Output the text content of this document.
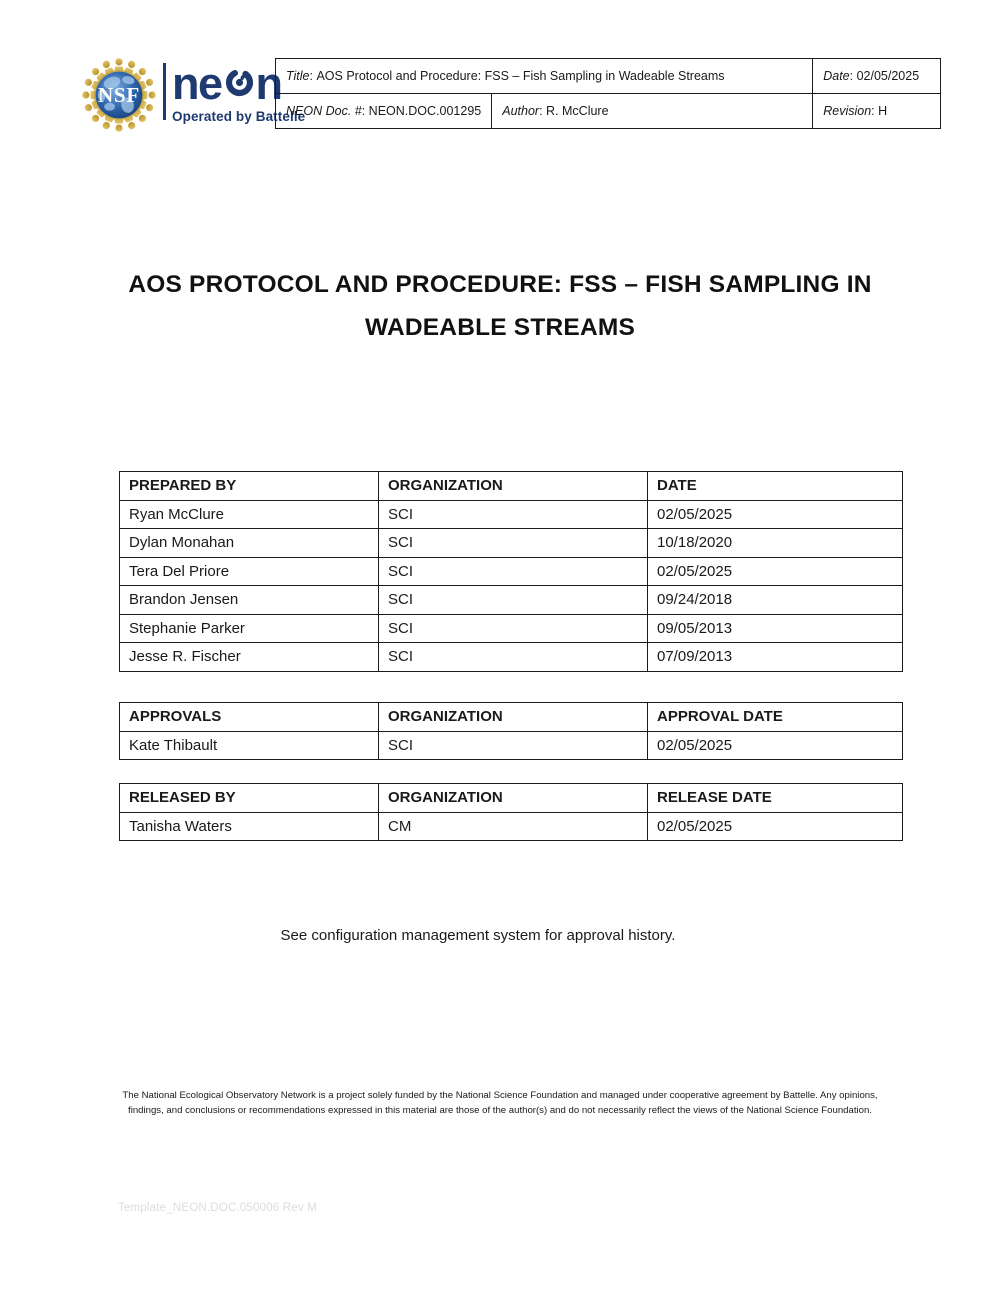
NSF ne n
Operated by Battelle
Title : AOS Protocol and Procedure: FSS – Fish Sampling in Wadeable Streams		Date : 02/05/2025
NEON Doc. # : NEON.DOC.001295	Author : R. McClure	Revision : H
AOS PROTOCOL AND PROCEDURE: FSS – FISH SAMPLING IN WADEABLE STREAMS
PREPARED BY	ORGANIZATION	DATE
Ryan McClure	SCI	02/05/2025
Dylan Monahan	SCI	10/18/2020
Tera Del Priore	SCI	02/05/2025
Brandon Jensen	SCI	09/24/2018
Stephanie Parker	SCI	09/05/2013
Jesse R. Fischer	SCI	07/09/2013
APPROVALS	ORGANIZATION	APPROVAL DATE
Kate Thibault	SCI	02/05/2025
RELEASED BY	ORGANIZATION	RELEASE DATE
Tanisha Waters	CM	02/05/2025
See configuration management system for approval history.
The National Ecological Observatory Network is a project solely funded by the National Science Foundation and managed under cooperative agreement by Battelle. Any opinions, findings, and conclusions or recommendations expressed in this material are those of the author(s) and do not necessarily reflect the views of the National Science Foundation.
Template_NEON.DOC.050006 Rev M
